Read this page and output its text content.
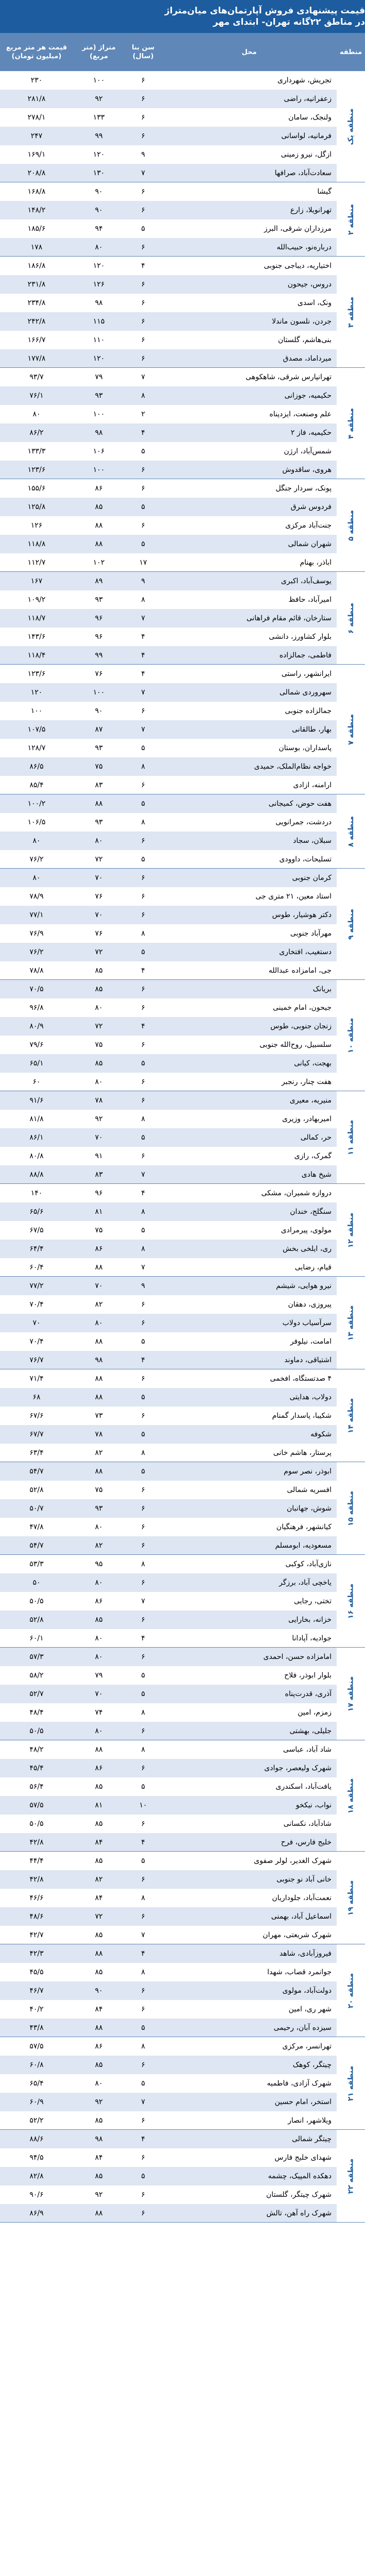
قیمت پیشنهادی فروش آپارتمان‌های میان‌متراژ
در مناطق ۲۲گانه تهران- ابتدای مهر
منطقه
محل
سن بنا (سال)
متراژ (متر مربع)
قیمت هر متر مربع (میلیون تومان)
تجریش، شهرداری
۶
۱۰۰
۲۳۰
زعفرانیه، راضی
۶
۹۲
۲۸۱/۸
ولنجک، سامان
۶
۱۳۳
۲۷۸/۱
فرمانیه، لواسانی
۶
۹۹
۲۴۷
ازگل، نیرو زمینی
۹
۱۲۰
۱۶۹/۱
سعادت‌آباد، صرافها
۷
۱۳۰
۲۰۸/۸
منطقه یک
گیشا
۶
۹۰
۱۶۸/۸
تهرانویلا، زارع
۶
۹۰
۱۴۸/۲
مرزداران شرقی، البرز
۵
۹۴
۱۸۵/۶
درباره‌نو، حبیب‌الله
۶
۸۰
۱۷۸
منطقه ۲
اختیاریه، دیباجی جنوبی
۴
۱۲۰
۱۸۶/۸
دروس، جیحون
۶
۱۲۶
۲۳۱/۸
ونک، اسدی
۶
۹۸
۲۳۴/۸
جردن، نلسون ماندلا
۶
۱۱۵
۲۴۲/۸
بنی‌هاشم، گلستان
۶
۱۱۰
۱۶۶/۷
میرداماد، مصدق
۶
۱۲۰
۱۷۷/۸
منطقه ۳
تهرانپارس شرقی، شاهکوهی
۷
۷۹
۹۳/۷
حکیمیه، جوزانی
۸
۹۳
۷۶/۱
علم وصنعت، ایزدپناه
۲
۱۰۰
۸۰
حکیمیه، فاز ۲
۴
۹۸
۸۶/۲
شمس‌آباد، ارژن
۵
۱۰۶
۱۳۳/۳
هروی، ساقدوش
۶
۱۰۰
۱۲۳/۶
منطقه ۴
پونک، سردار جنگل
۶
۸۶
۱۵۵/۶
فردوس شرق
۵
۸۵
۱۲۵/۸
جنت‌آباد مرکزی
۶
۸۸
۱۲۶
شهران شمالی
۵
۸۸
۱۱۸/۸
اباذر، بهنام
۱۷
۱۰۲
۱۱۲/۷
منطقه ۵
یوسف‌آباد، اکبری
۹
۸۹
۱۶۷
امیرآباد، حافظ
۸
۹۳
۱۰۹/۲
ستارخان، قائم مقام فراهانی
۷
۹۶
۱۱۸/۷
بلوار کشاورز، دانشی
۴
۹۶
۱۴۳/۶
فاطمی، جمالزاده
۴
۹۹
۱۱۸/۴
منطقه ۶
ایرانشهر، راستی
۴
۷۶
۱۲۳/۶
سهروردی شمالی
۷
۱۰۰
۱۲۰
جمالزاده جنوبی
۶
۹۰
۱۰۰
بهار، طالقانی
۷
۸۷
۱۰۷/۵
پاسداران، بوستان
۵
۹۳
۱۲۸/۷
خواجه نظام‌الملک، حمیدی
۸
۷۵
۸۶/۵
ارامنه، ازادی
۶
۸۳
۸۵/۴
منطقه ۷
هفت حوض، کمیجانی
۵
۸۸
۱۰۰/۲
دردشت، جمرانویی
۸
۹۳
۱۰۶/۵
سبلان، سجاد
۶
۸۰
۸۰
تسلیحات، داوودی
۵
۷۲
۷۶/۲
منطقه ۸
کرمان جنوبی
۶
۷۰
۸۰
استاد معین، ۲۱ متری جی
۶
۷۶
۷۸/۹
دکتر هوشیار، طوس
۶
۷۰
۷۷/۱
مهرآباد جنوبی
۸
۷۶
۷۶/۹
دستغیب، افتخاری
۵
۷۲
۷۶/۲
جی، امامزاده عبدالله
۴
۸۵
۷۸/۸
منطقه ۹
بریانک
۶
۸۵
۷۰/۵
جیحون، امام خمینی
۶
۸۰
۹۶/۸
زنجان جنوبی، طوس
۴
۷۲
۸۰/۹
سلسبیل، روح‌الله جنوبی
۶
۷۵
۷۹/۶
بهجت، کیانی
۵
۸۵
۶۵/۱
هفت چنار، رنجبر
۶
۸۰
۶۰
منطقه ۱۰
منیریه، معیری
۶
۷۸
۹۱/۶
امیربهادر، وزیری
۸
۹۲
۸۱/۸
حر، کمالی
۵
۷۰
۸۶/۱
گمرک، رازی
۶
۹۱
۸۰/۸
شیخ هادی
۷
۸۳
۸۸/۸
منطقه ۱۱
دروازه شمیران، مشکی
۴
۹۶
۱۴۰
سنگلج، خندان
۸
۸۱
۶۵/۶
مولوی، پیرمرادی
۵
۷۵
۶۷/۵
ری، ایلخی بخش
۸
۸۶
۶۴/۴
قیام، رضایی
۷
۸۸
۶۰/۴
منطقه ۱۲
نیرو هوایی، شیشم
۹
۷۰
۷۷/۲
پیروزی، دهقان
۶
۸۲
۷۰/۴
سرآسیاب دولاب
۶
۸۰
۷۰
امامت، نیلوفر
۵
۸۸
۷۰/۴
اشتیاقی، دماوند
۴
۹۸
۷۶/۷
منطقه ۱۳
۴ صدتستگاه، افخمی
۶
۸۸
۷۱/۴
دولاب، هدایتی
۵
۸۸
۶۸
شکیبا، پاسدار گمنام
۶
۷۳
۶۷/۶
شکوفه
۵
۷۸
۶۷/۷
پرستار، هاشم خانی
۸
۸۲
۶۳/۴
منطقه ۱۴
ابوذر، نصر سوم
۵
۸۸
۵۴/۷
افسریه شمالی
۶
۷۵
۵۲/۸
شوش، جهانبان
۶
۹۳
۵۰/۷
کیانشهر، فرهنگیان
۶
۸۰
۴۷/۸
مسعودیه، ابومسلم
۶
۸۲
۵۴/۷
منطقه ۱۵
نازی‌آباد، کوکبی
۸
۹۵
۵۳/۳
یاخچی آباد، برزگر
۶
۸۰
۵۰
تختی، رجایی
۷
۸۶
۵۰/۵
خزانه، بخارایی
۶
۸۵
۵۲/۸
جوادیه، آپادانا
۴
۸۰
۶۰/۱
منطقه ۱۶
امامزاده حسن، احمدی
۶
۸۰
۵۷/۳
بلوار ابوذر، فلاح
۵
۷۹
۵۸/۲
آذری، قدرت‌پناه
۵
۷۰
۵۲/۷
زمزم، امین
۸
۷۴
۴۸/۴
جلیلی، بهشتی
۶
۸۰
۵۰/۵
منطقه ۱۷
شاد آباد، عباسی
۸
۸۸
۴۸/۲
شهرک ولیعصر، جوادی
۶
۸۶
۴۵/۴
یافت‌آباد، اسکندری
۵
۸۵
۵۶/۴
نواب، نیکخو
۱۰
۸۱
۵۷/۵
شادآباد، نکسانی
۶
۸۵
۵۰/۵
خلیج فارس، فرح
۴
۸۴
۴۲/۸
منطقه ۱۸
شهرک الغدیر، لولر صفوی
۵
۸۵
۴۴/۴
خانی آباد نو جنوبی
۶
۸۲
۴۲/۸
نعمت‌آباد، جلوداریان
۸
۸۴
۴۶/۶
اسماعیل آباد، بهمنی
۶
۷۲
۴۸/۶
شهرک شریعتی، مهران
۷
۸۵
۴۲/۷
منطقه ۱۹
فیروزآبادی، شاهد
۴
۸۸
۴۲/۳
جوانمرد قصاب، شهدا
۸
۸۵
۴۵/۵
دولت‌آباد، مولوی
۶
۹۰
۴۶/۷
شهر ری، امین
۶
۸۴
۴۰/۲
سیزده آبان، رحیمی
۵
۸۸
۴۳/۸
منطقه ۲۰
تهرانسر، مرکزی
۸
۸۶
۵۷/۵
چیتگر، کوهک
۶
۸۵
۶۰/۸
شهرک آزادی، فاطمیه
۵
۸۰
۶۵/۴
استخر، امام حسین
۷
۹۲
۶۰/۹
ویلاشهر، انصار
۶
۸۵
۵۲/۲
منطقه ۲۱
چیتگر شمالی
۴
۹۸
۸۸/۶
شهدای خلیج فارس
۶
۸۴
۹۴/۵
دهکده المپیک، چشمه
۵
۸۵
۸۲/۸
شهرک چیتگر، گلستان
۶
۹۲
۹۰/۶
شهرک راه آهن، تالش
۶
۸۸
۸۶/۹
منطقه ۲۲
